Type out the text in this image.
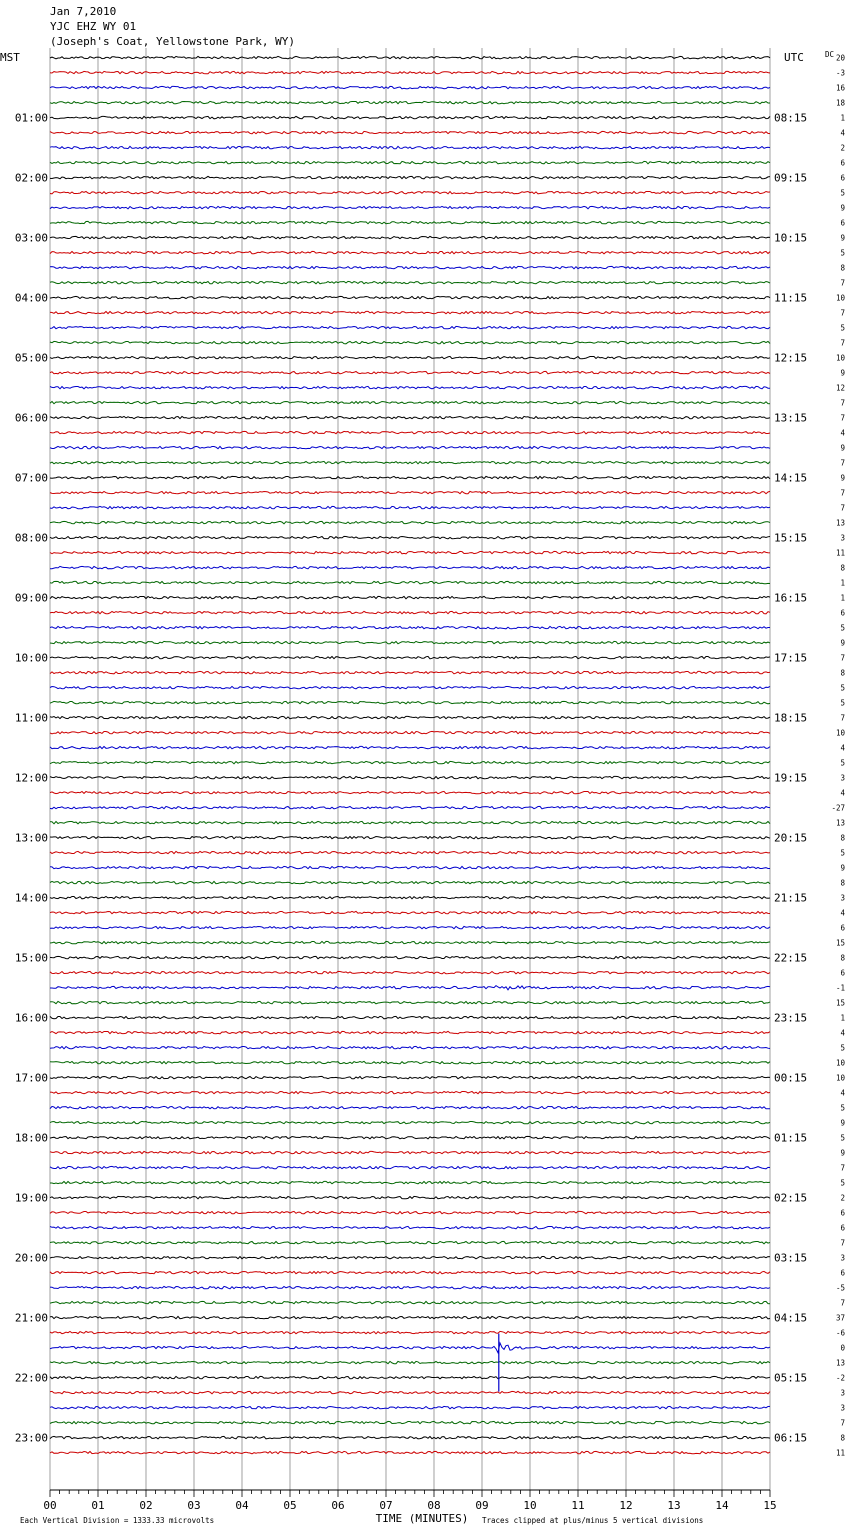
Jan 7,2010
YJC EHZ WY 01
(Joseph's Coat, Yellowstone Park, WY)
20
-3
16
18
1
4
2
6
6
5
9
6
9
5
8
7
10
7
5
7
10
9
12
7
7
4
9
7
9
7
7
13
3
11
8
1
1
6
5
9
7
8
5
5
7
10
4
5
3
4
-27
13
8
5
9
8
3
4
6
15
8
6
-1
15
1
4
5
10
10
4
5
9
5
9
7
5
2
6
6
7
3
6
-5
7
37
-6
0
13
-2
3
3
7
8
11
01:00
02:00
03:00
04:00
05:00
06:00
07:00
08:00
09:00
10:00
11:00
12:00
13:00
14:00
15:00
16:00
17:00
18:00
19:00
20:00
21:00
22:00
23:00
08:15
09:15
10:15
11:15
12:15
13:15
14:15
15:15
16:15
17:15
18:15
19:15
20:15
21:15
22:15
23:15
00:15
01:15
02:15
03:15
04:15
05:15
06:15
MST	UTC	DC
00	01	02	03	04	05	06	07	08	09	10	11	12	13	14	15
TIME (MINUTES)
Each Vertical Division = 1333.33 microvolts	Traces clipped at plus/minus 5 vertical divisions
